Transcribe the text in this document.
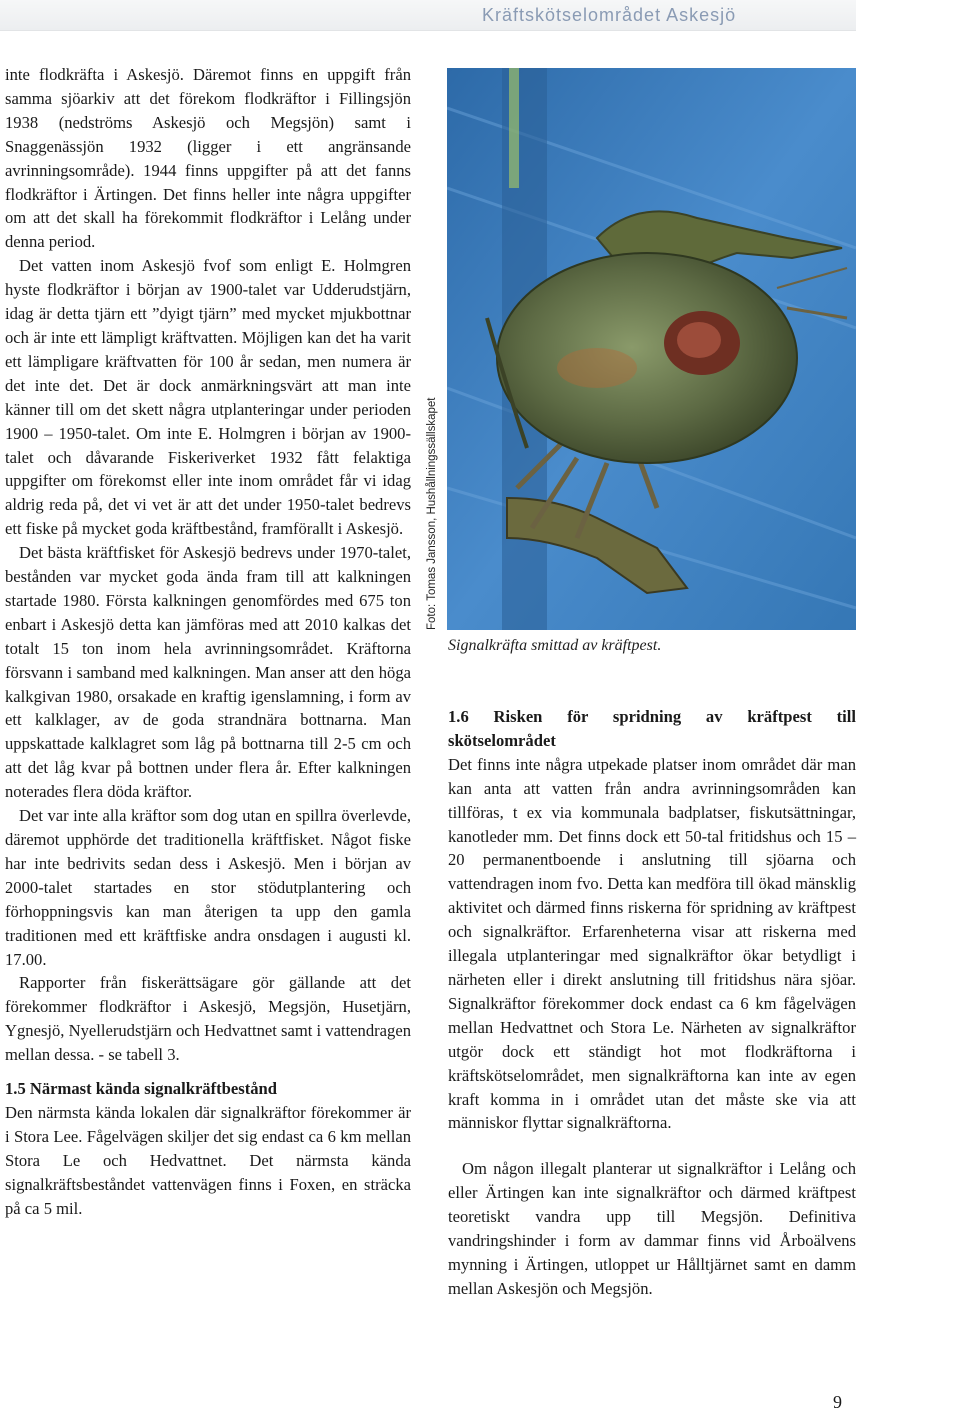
Kräftskötselområdet Askesjö

inte flodkräfta i Askesjö. Däremot finns en uppgift från samma sjöarkiv att det förekom flodkräftor i Fillingsjön 1938 (nedströms Askesjö och Megsjön) samt i Snaggenässjön 1932 (ligger i ett angränsande avrinningsområde). 1944 finns uppgifter på att det fanns flodkräftor i Ärtingen. Det finns heller inte några uppgifter om att det skall ha förekommit flodkräftor i Lelång under denna period.

Det vatten inom Askesjö fvof som enligt E. Holmgren hyste flodkräftor i början av 1900-talet var Udderudstjärn, idag är detta tjärn ett ”dyigt tjärn” med mycket mjukbottnar och är inte ett lämpligt kräftvatten. Möjligen kan det ha varit ett lämpligare kräftvatten för 100 år sedan, men numera är det inte det. Det är dock anmärkningsvärt att man inte känner till om det skett några utplanteringar under perioden 1900 – 1950-talet. Om inte E. Holmgren i början av 1900-talet och dåvarande Fiskeriverket 1932 fått felaktiga uppgifter om förekomst eller inte inom området får vi idag aldrig reda på, det vi vet är att det under 1950-talet bedrevs ett fiske på mycket goda kräftbestånd, framförallt i Askesjö.

Det bästa kräftfisket för Askesjö bedrevs under 1970-talet, bestånden var mycket goda ända fram till att kalkningen startade 1980. Första kalkningen genomfördes med 675 ton enbart i Askesjö detta kan jämföras med att 2010 kalkas det totalt 15 ton inom hela avrinningsområdet. Kräftorna försvann i samband med kalkningen. Man anser att den höga kalkgivan 1980, orsakade en kraftig igenslamning, i form av ett kalklager, av de goda strandnära bottnarna. Man uppskattade kalklagret som låg på bottnarna till 2-5 cm och att det låg kvar på bottnen under flera år. Efter kalkningen noterades flera döda kräftor.

Det var inte alla kräftor som dog utan en spillra överlevde, däremot upphörde det traditionella kräftfisket. Något fiske har inte bedrivits sedan dess i Askesjö. Men i början av 2000-talet startades en stor stödutplantering och förhoppningsvis kan man återigen ta upp den gamla traditionen med ett kräftfiske andra onsdagen i augusti kl. 17.00.

Rapporter från fiskerättsägare gör gällande att det förekommer flodkräftor i Askesjö, Megsjön, Husetjärn, Ygnesjö, Nyellerudstjärn och Hedvattnet samt i vattendragen mellan dessa. - se tabell 3.

1.5 Närmast kända signalkräftbestånd

Den närmsta kända lokalen där signalkräftor förekommer är i Stora Lee. Fågelvägen skiljer det sig endast ca 6 km mellan Stora Le och Hedvattnet. Det närmsta kända signalkräftsbeståndet vattenvägen finns i Foxen, en sträcka på ca 5 mil.

Foto: Tomas Jansson, Hushållningssällskapet
Signalkräfta smittad av kräftpest.
1.6 Risken för spridning av kräftpest till skötselområdet

Det finns inte några utpekade platser inom området där man kan anta att vatten från andra avrinningsområden kan tillföras, t ex via kommunala badplatser, fiskutsättningar, kanotleder mm. Det finns dock ett 50-tal fritidshus och 15 – 20 permanentboende i anslutning till sjöarna och vattendragen inom fvo. Detta kan medföra till ökad mänsklig aktivitet och därmed finns riskerna för spridning av kräftpest och signalkräftor. Erfarenheterna visar att riskerna med illegala utplanteringar med signalkräftor ökar betydligt i närheten eller i direkt anslutning till fritidshus nära sjöar. Signalkräftor förekommer dock endast ca 6 km fågelvägen mellan Hedvattnet och Stora Le. Närheten av signalkräftor utgör dock ett ständigt hot mot flodkräftorna i kräftskötselområdet, men signalkräftorna kan inte av egen kraft komma in i området utan det måste ske via att människor flyttar signalkräftorna.

Om någon illegalt planterar ut signalkräftor i Lelång och eller Ärtingen kan inte signalkräftor och därmed kräftpest teoretiskt vandra upp till Megsjön. Definitiva vandringshinder i form av dammar finns vid Årboälvens mynning i Ärtingen, utloppet ur Hålltjärnet samt en damm mellan Askesjön och Megsjön.

9
